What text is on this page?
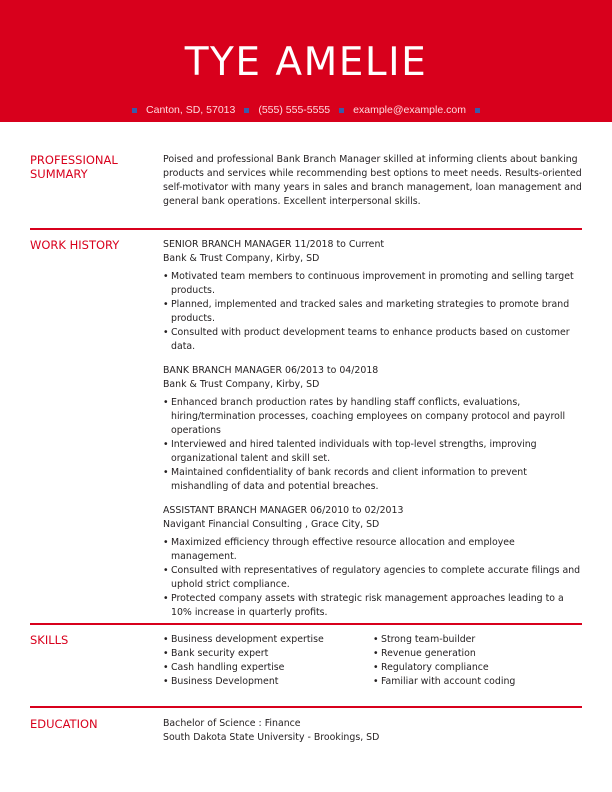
TYE AMELIE
Canton, SD, 57013 (555) 555-5555 example@example.com
PROFESSIONAL
SUMMARY
Poised and professional Bank Branch Manager skilled at informing clients about banking products and services while recommending best options to meet needs. Results-oriented self-motivator with many years in sales and branch management, loan management and general bank operations. Excellent interpersonal skills.
WORK HISTORY	SENIOR BRANCH MANAGER 11/2018 to Current
Bank & Trust Company, Kirby, SD
• Motivated team members to continuous improvement in promoting and selling target products.
• Planned, implemented and tracked sales and marketing strategies to promote brand products.
• Consulted with product development teams to enhance products based on customer data.
BANK BRANCH MANAGER 06/2013 to 04/2018
Bank & Trust Company, Kirby, SD
• Enhanced branch production rates by handling staff conflicts, evaluations, hiring/termination processes, coaching employees on company protocol and payroll operations
• Interviewed and hired talented individuals with top-level strengths, improving organizational talent and skill set.
• Maintained confidentiality of bank records and client information to prevent mishandling of data and potential breaches.
ASSISTANT BRANCH MANAGER 06/2010 to 02/2013
Navigant Financial Consulting , Grace City, SD
• Maximized efficiency through effective resource allocation and employee management.
• Consulted with representatives of regulatory agencies to complete accurate filings and uphold strict compliance.
• Protected company assets with strategic risk management approaches leading to a 10% increase in quarterly profits.
SKILLS
•	Business development expertise
• Bank security expert
• Cash handling expertise
• Business Development
• Strong team-builder
• Revenue generation
• Regulatory compliance
• Familiar with account coding
EDUCATION	Bachelor of Science : Finance
South Dakota State University - Brookings, SD
